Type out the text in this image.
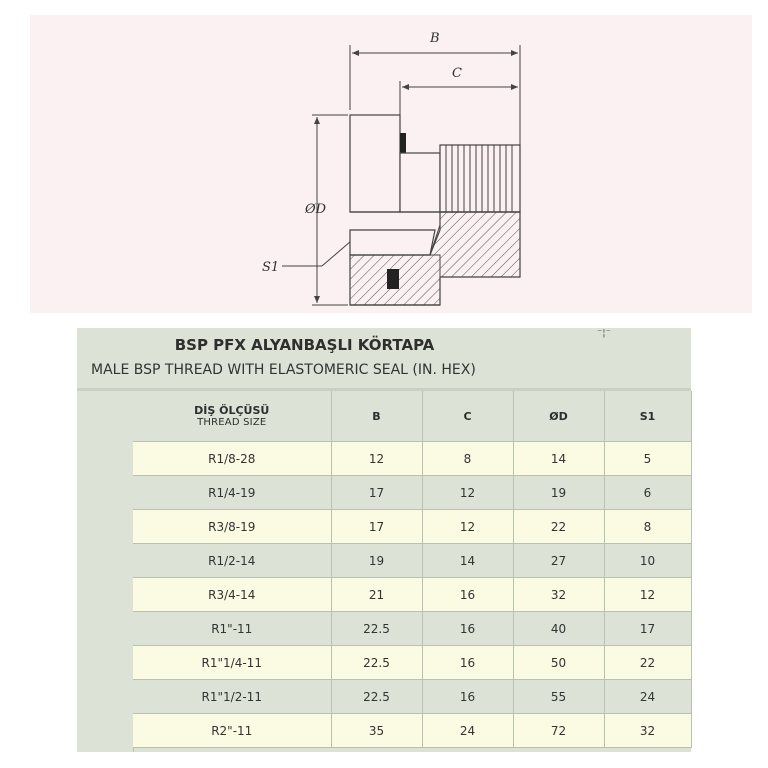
B
C
ØD
S1
BSP PFX ALYANBAŞLI KÖRTAPA
MALE BSP THREAD WITH ELASTOMERIC SEAL (IN. HEX)
⁻¦⁻
DİŞ ÖLÇÜSÜ
THREAD SIZE	B	C	ØD	S1
R1/8-28	12	8	14	5
R1/4-19	17	12	19	6
R3/8-19	17	12	22	8
R1/2-14	19	14	27	10
R3/4-14	21	16	32	12
R1"-11	22.5	16	40	17
R1"1/4-11	22.5	16	50	22
R1"1/2-11	22.5	16	55	24
R2"-11	35	24	72	32
